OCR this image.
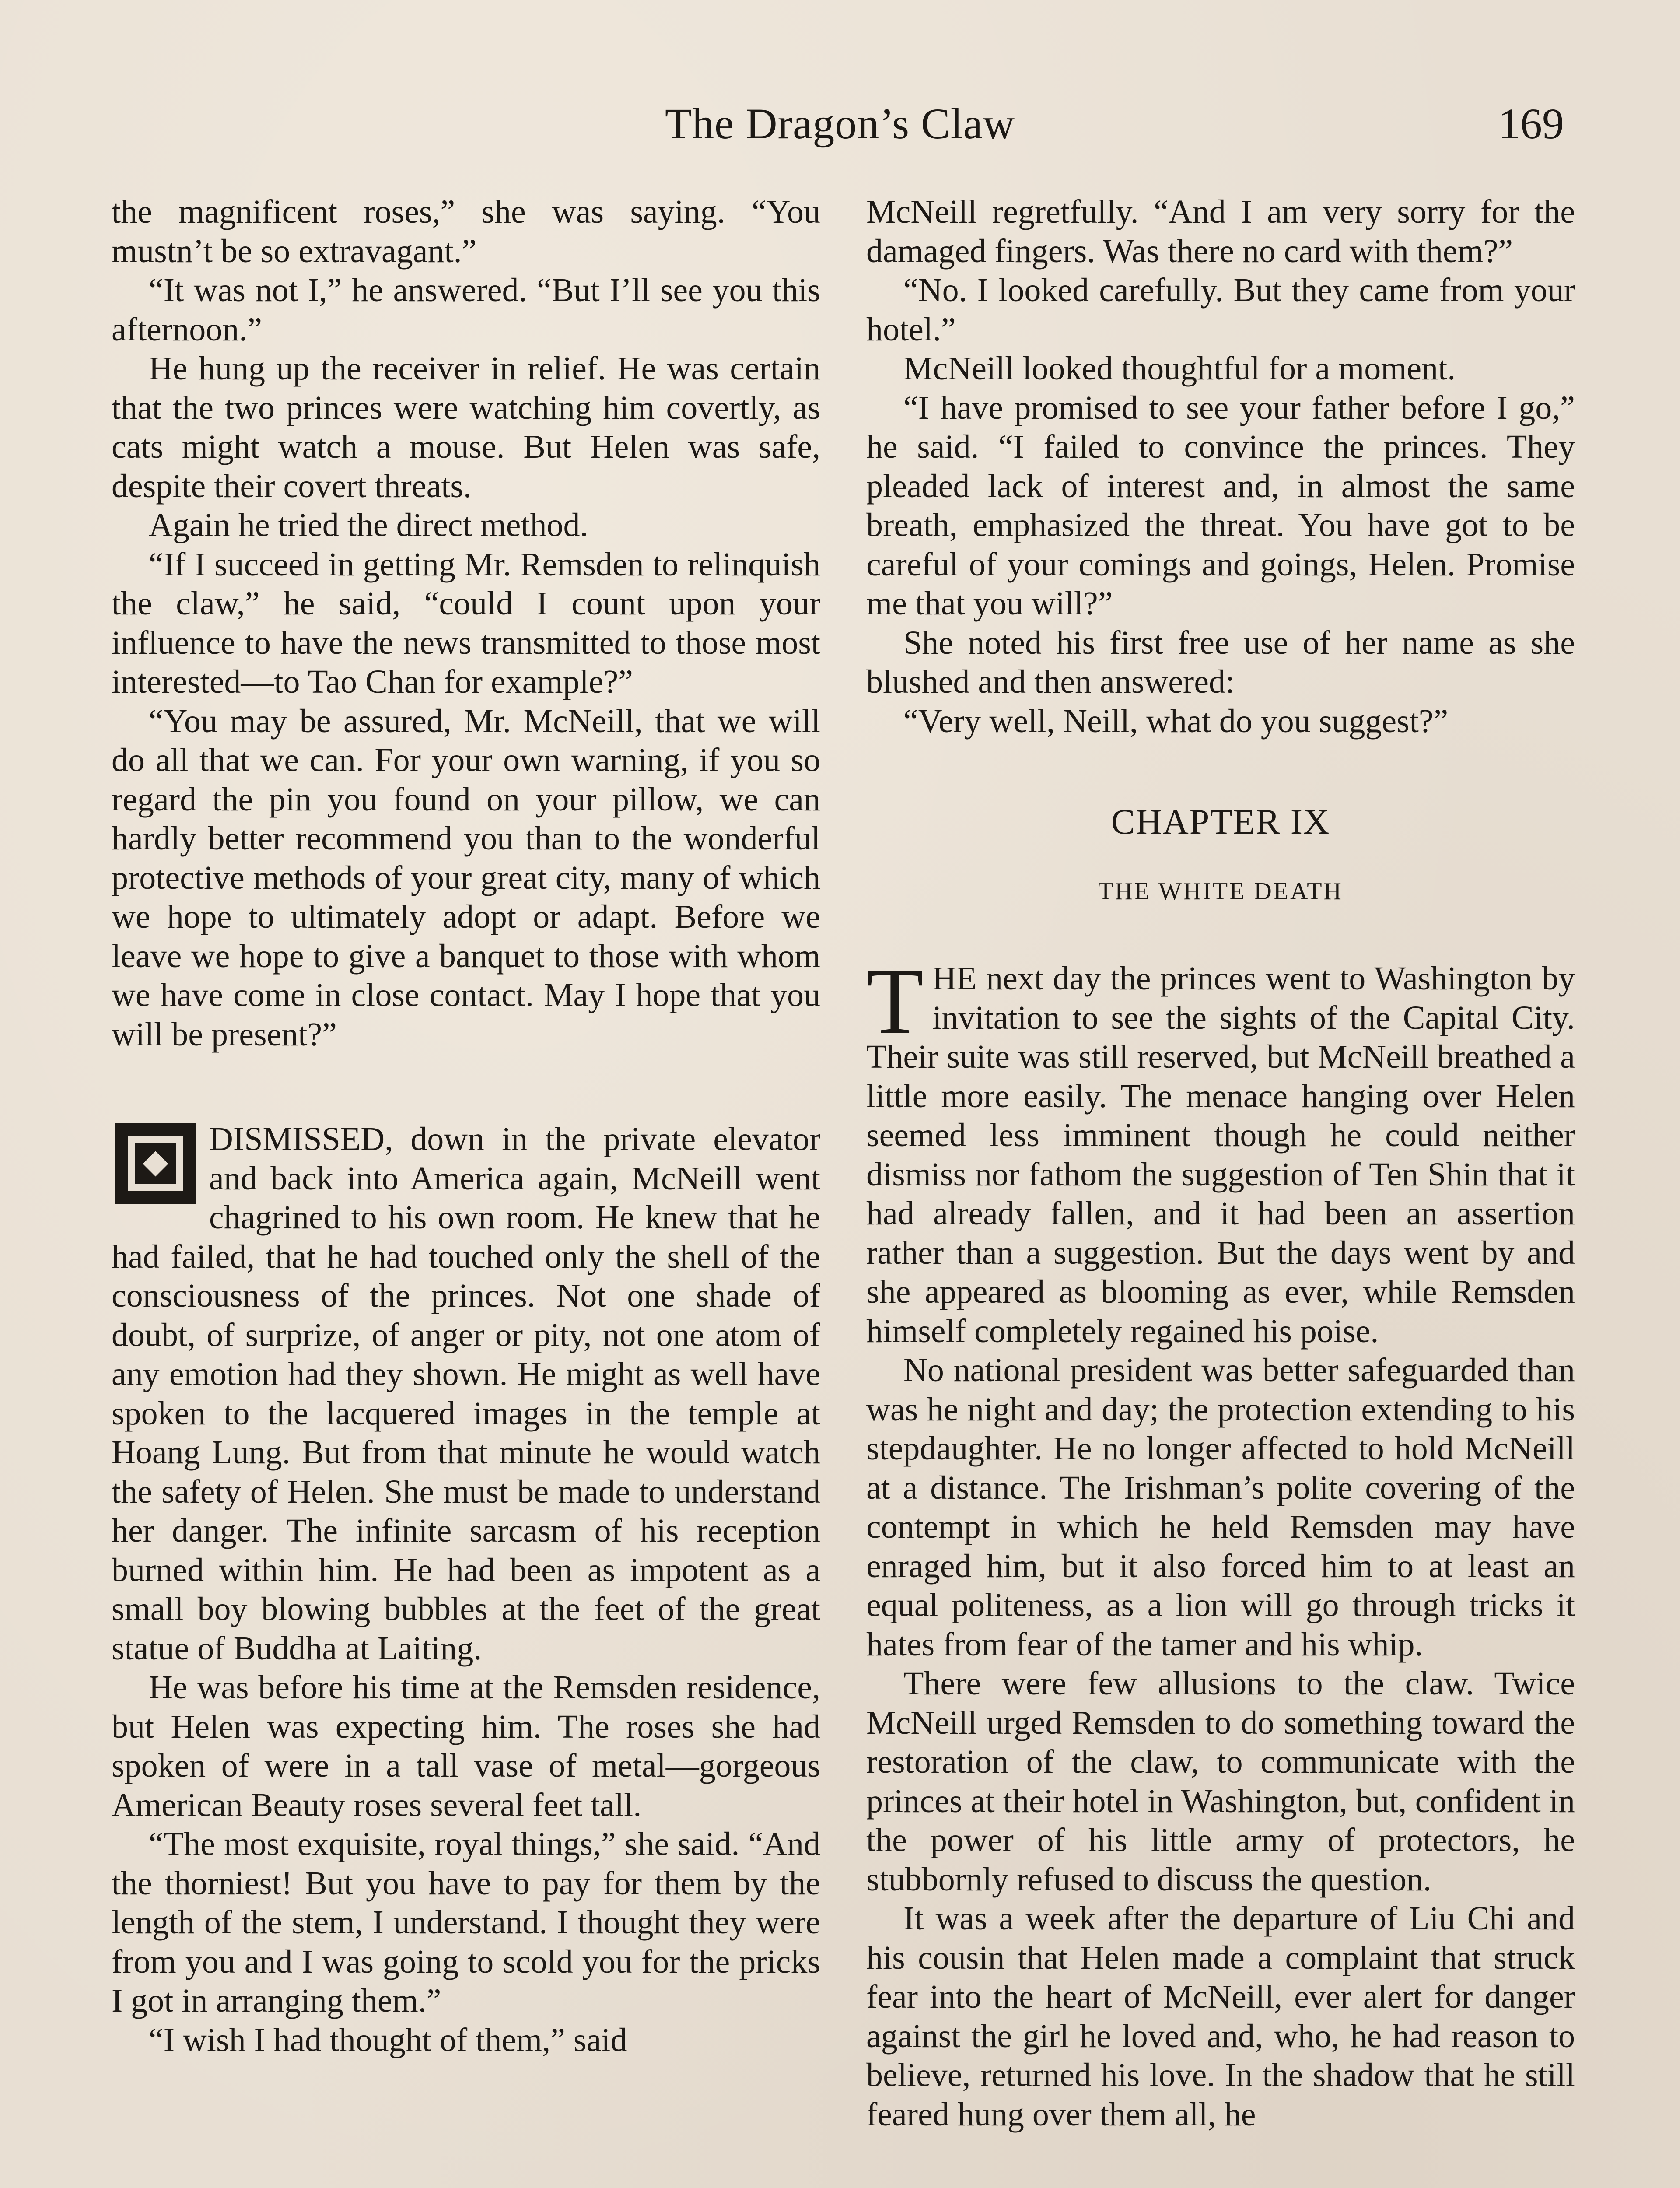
The Dragon’s Claw	169

the magnificent roses,” she was saying. “You mustn’t be so extravagant.”

“It was not I,” he answered. “But I’ll see you this afternoon.”

He hung up the receiver in relief. He was certain that the two princes were watching him covertly, as cats might watch a mouse. But Helen was safe, despite their covert threats.

Again he tried the direct method.

“If I succeed in getting Mr. Remsden to relinquish the claw,” he said, “could I count upon your influence to have the news transmitted to those most interested—to Tao Chan for example?”

“You may be assured, Mr. McNeill, that we will do all that we can. For your own warning, if you so regard the pin you found on your pillow, we can hardly better recommend you than to the wonderful protective methods of your great city, many of which we hope to ultimately adopt or adapt. Before we leave we hope to give a banquet to those with whom we have come in close contact. May I hope that you will be present?”

DISMISSED, down in the private elevator and back into America again, McNeill went chagrined to his own room. He knew that he had failed, that he had touched only the shell of the consciousness of the princes. Not one shade of doubt, of surprize, of anger or pity, not one atom of any emotion had they shown. He might as well have spoken to the lacquered images in the temple at Hoang Lung. But from that minute he would watch the safety of Helen. She must be made to understand her danger. The infinite sarcasm of his reception burned within him. He had been as impotent as a small boy blowing bubbles at the feet of the great statue of Buddha at Laiting.

He was before his time at the Remsden residence, but Helen was expecting him. The roses she had spoken of were in a tall vase of metal—gorgeous American Beauty roses several feet tall.

“The most exquisite, royal things,” she said. “And the thorniest! But you have to pay for them by the length of the stem, I understand. I thought they were from you and I was going to scold you for the pricks I got in arranging them.”

“I wish I had thought of them,” said

McNeill regretfully. “And I am very sorry for the damaged fingers. Was there no card with them?”

“No. I looked carefully. But they came from your hotel.”

McNeill looked thoughtful for a moment.

“I have promised to see your father before I go,” he said. “I failed to convince the princes. They pleaded lack of interest and, in almost the same breath, emphasized the threat. You have got to be careful of your comings and goings, Helen. Promise me that you will?”

She noted his first free use of her name as she blushed and then answered:

“Very well, Neill, what do you suggest?”

CHAPTER IX

THE WHITE DEATH

T HE next day the princes went to Washington by invitation to see the sights of the Capital City. Their suite was still reserved, but McNeill breathed a little more easily. The menace hanging over Helen seemed less imminent though he could neither dismiss nor fathom the suggestion of Ten Shin that it had already fallen, and it had been an assertion rather than a suggestion. But the days went by and she appeared as blooming as ever, while Remsden himself completely regained his poise.

No national president was better safeguarded than was he night and day; the protection extending to his stepdaughter. He no longer affected to hold McNeill at a distance. The Irishman’s polite covering of the contempt in which he held Remsden may have enraged him, but it also forced him to at least an equal politeness, as a lion will go through tricks it hates from fear of the tamer and his whip.

There were few allusions to the claw. Twice McNeill urged Remsden to do something toward the restoration of the claw, to communicate with the princes at their hotel in Washington, but, confident in the power of his little army of protectors, he stubbornly refused to discuss the question.

It was a week after the departure of Liu Chi and his cousin that Helen made a complaint that struck fear into the heart of McNeill, ever alert for danger against the girl he loved and, who, he had reason to believe, returned his love. In the shadow that he still feared hung over them all, he
